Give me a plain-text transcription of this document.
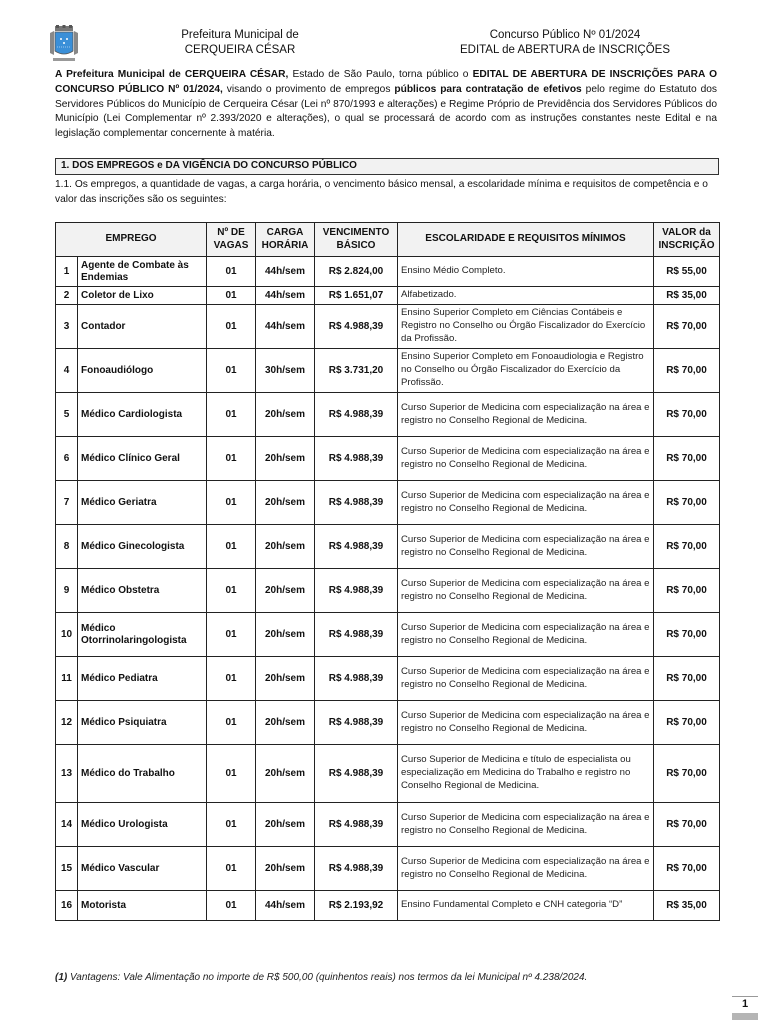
Prefeitura Municipal de
CERQUEIRA CÉSAR
Concurso Público Nº 01/2024
EDITAL de ABERTURA de INSCRIÇÕES
A Prefeitura Municipal de CERQUEIRA CÉSAR, Estado de São Paulo, torna público o EDITAL DE ABERTURA DE INSCRIÇÕES PARA O CONCURSO PÚBLICO Nº 01/2024, visando o provimento de empregos públicos para contratação de efetivos pelo regime do Estatuto dos Servidores Públicos do Município de Cerqueira César (Lei nº 870/1993 e alterações) e Regime Próprio de Previdência dos Servidores Públicos do Município (Lei Complementar nº 2.393/2020 e alterações), o qual se processará de acordo com as instruções constantes neste Edital e na legislação complementar concernente à matéria.
1. DOS EMPREGOS e DA VIGÊNCIA DO CONCURSO PÚBLICO
1.1. Os empregos, a quantidade de vagas, a carga horária, o vencimento básico mensal, a escolaridade mínima e requisitos de competência e o valor das inscrições são os seguintes:
EMPREGO		Nº DE VAGAS	CARGA HORÁRIA	VENCIMENTO BÁSICO	ESCOLARIDADE E REQUISITOS MÍNIMOS	VALOR da INSCRIÇÃO
1	Agente de Combate às Endemias	01	44h/sem	R$ 2.824,00	Ensino Médio Completo.	R$ 55,00
2	Coletor de Lixo	01	44h/sem	R$ 1.651,07	Alfabetizado.	R$ 35,00
3	Contador	01	44h/sem	R$ 4.988,39	Ensino Superior Completo em Ciências Contábeis e Registro no Conselho ou Órgão Fiscalizador do Exercício da Profissão.	R$ 70,00
4	Fonoaudiólogo	01	30h/sem	R$ 3.731,20	Ensino Superior Completo em Fonoaudiologia e Registro no Conselho ou Órgão Fiscalizador do Exercício da Profissão.	R$ 70,00
5	Médico Cardiologista	01	20h/sem	R$ 4.988,39	Curso Superior de Medicina com especialização na área e registro no Conselho Regional de Medicina.	R$ 70,00
6	Médico Clínico Geral	01	20h/sem	R$ 4.988,39	Curso Superior de Medicina com especialização na área e registro no Conselho Regional de Medicina.	R$ 70,00
7	Médico Geriatra	01	20h/sem	R$ 4.988,39	Curso Superior de Medicina com especialização na área e registro no Conselho Regional de Medicina.	R$ 70,00
8	Médico Ginecologista	01	20h/sem	R$ 4.988,39	Curso Superior de Medicina com especialização na área e registro no Conselho Regional de Medicina.	R$ 70,00
9	Médico Obstetra	01	20h/sem	R$ 4.988,39	Curso Superior de Medicina com especialização na área e registro no Conselho Regional de Medicina.	R$ 70,00
10	Médico Otorrinolaringologista	01	20h/sem	R$ 4.988,39	Curso Superior de Medicina com especialização na área e registro no Conselho Regional de Medicina.	R$ 70,00
11	Médico Pediatra	01	20h/sem	R$ 4.988,39	Curso Superior de Medicina com especialização na área e registro no Conselho Regional de Medicina.	R$ 70,00
12	Médico Psiquiatra	01	20h/sem	R$ 4.988,39	Curso Superior de Medicina com especialização na área e registro no Conselho Regional de Medicina.	R$ 70,00
13	Médico do Trabalho	01	20h/sem	R$ 4.988,39	Curso Superior de Medicina e título de especialista ou especialização em Medicina do Trabalho e registro no Conselho Regional de Medicina.	R$ 70,00
14	Médico Urologista	01	20h/sem	R$ 4.988,39	Curso Superior de Medicina com especialização na área e registro no Conselho Regional de Medicina.	R$ 70,00
15	Médico Vascular	01	20h/sem	R$ 4.988,39	Curso Superior de Medicina com especialização na área e registro no Conselho Regional de Medicina.	R$ 70,00
16	Motorista	01	44h/sem	R$ 2.193,92	Ensino Fundamental Completo e CNH categoria “D”	R$ 35,00
(1) Vantagens: Vale Alimentação no importe de R$ 500,00 (quinhentos reais) nos termos da lei Municipal nº 4.238/2024.
1
